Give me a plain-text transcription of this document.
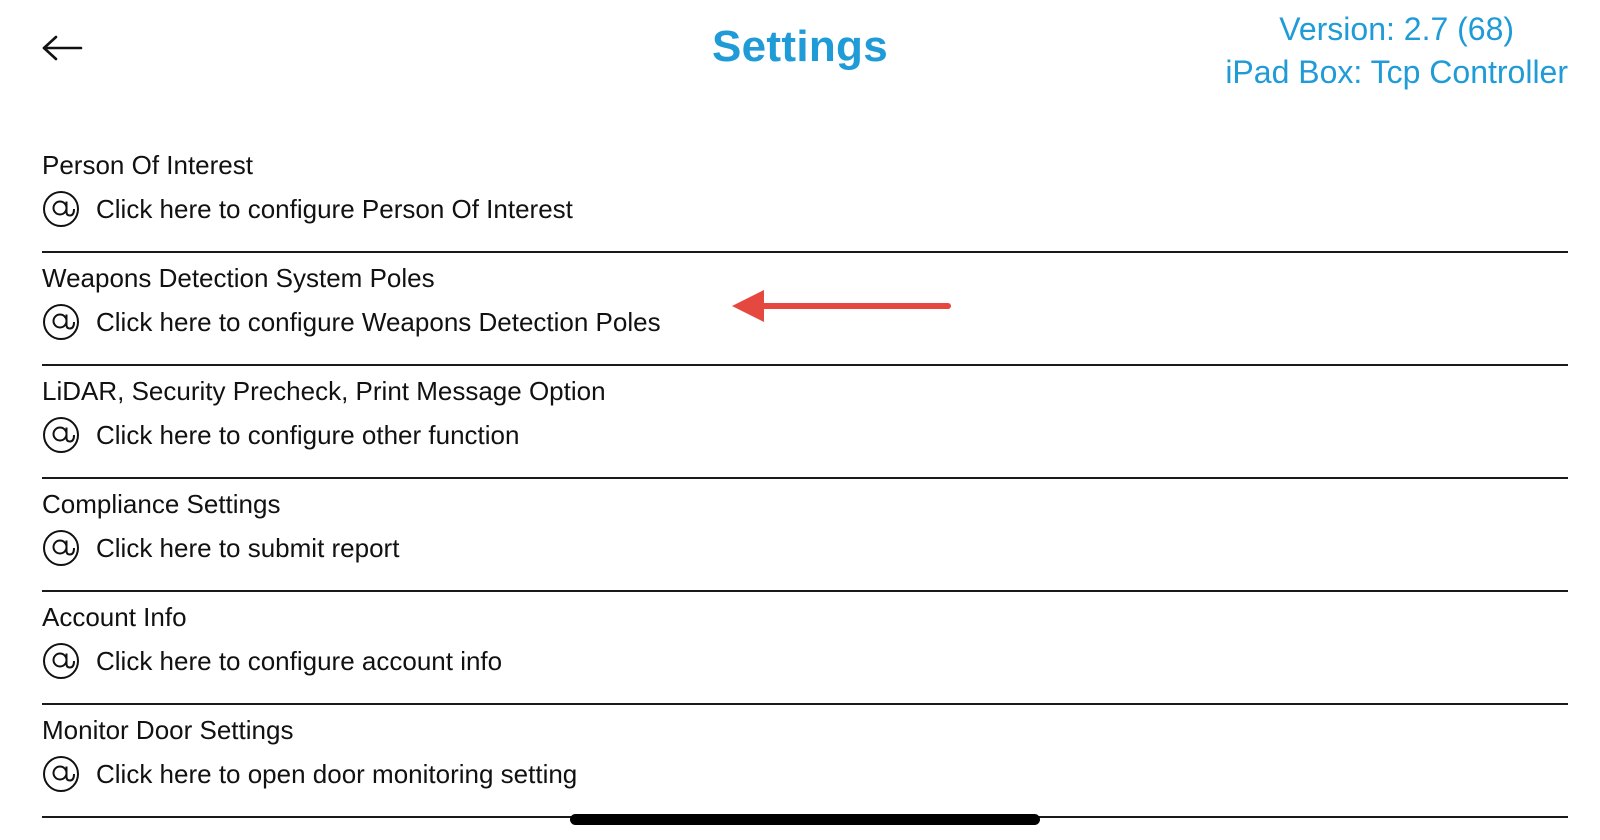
Settings	Version: 2.7 (68)
iPad Box: Tcp Controller
Person Of Interest
Click here to configure Person Of Interest
Weapons Detection System Poles
Click here to configure Weapons Detection Poles
LiDAR, Security Precheck, Print Message Option
Click here to configure other function
Compliance Settings
Click here to submit report
Account Info
Click here to configure account info
Monitor Door Settings
Click here to open door monitoring setting
